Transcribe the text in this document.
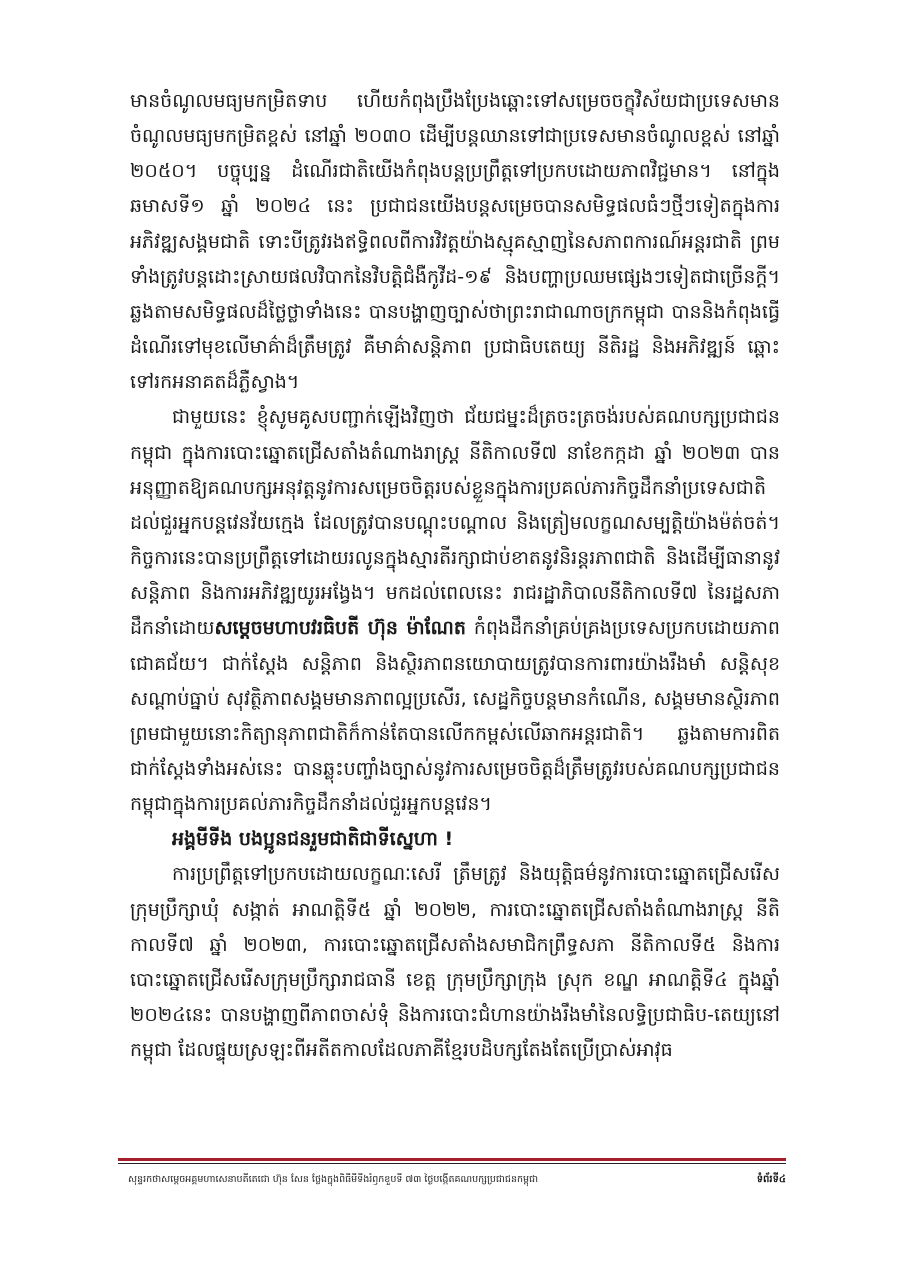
មានចំណូលមធ្យមកម្រិតទាប ហើយកំពុងប្រឹងប្រែងឆ្ពោះទៅសម្រេចចក្ខុវិស័យជាប្រទេសមានចំណូលមធ្យមកម្រិតខ្ពស់ នៅឆ្នាំ ២០៣០ ដើម្បីបន្តឈានទៅជាប្រទេសមានចំណូលខ្ពស់ នៅឆ្នាំ ២០៥០។ បច្ចុប្បន្ន ដំណើរជាតិយើងកំពុងបន្តប្រព្រឹត្តទៅប្រកបដោយភាពវិជ្ជមាន។ នៅក្នុងឆមាសទី១ ឆ្នាំ ២០២៤ នេះ ប្រជាជនយើងបន្តសម្រេចបានសមិទ្ធផលធំៗថ្មីៗទៀតក្នុងការអភិវឌ្ឍសង្គមជាតិ ទោះបីត្រូវរងឥទ្ធិពលពីការវិវត្តយ៉ាងស្មុគស្មាញនៃសភាពការណ៍អន្តរជាតិ ព្រមទាំងត្រូវបន្តដោះស្រាយផលវិបាកនៃវិបត្តិជំងឺកូវីដ-១៩ និងបញ្ហាប្រឈមផ្សេងៗទៀតជាច្រើនក្តី។ ឆ្លងតាមសមិទ្ធផលដ៏ថ្លៃថ្លាទាំងនេះ បានបង្ហាញច្បាស់ថាព្រះរាជាណាចក្រកម្ពុជា បាននិងកំពុងធ្វើដំណើរទៅមុខលើមាគ៌ាដ៏ត្រឹមត្រូវ គឺមាគ៌ាសន្តិភាព ប្រជាធិបតេយ្យ នីតិរដ្ឋ និងអភិវឌ្ឍន៍ ឆ្ពោះទៅរកអនាគតដ៏ភ្លឺស្វាង។

ជាមួយនេះ ខ្ញុំសូមគូសបញ្ជាក់ឡើងវិញថា ជ័យជម្នះដ៏ត្រចះត្រចង់របស់គណបក្សប្រជាជនកម្ពុជា ក្នុងការបោះឆ្នោតជ្រើសតាំងតំណាងរាស្ត្រ នីតិកាលទី៧ នាខែកក្កដា ឆ្នាំ ២០២៣ បានអនុញ្ញាតឱ្យគណបក្សអនុវត្តនូវការសម្រេចចិត្តរបស់ខ្លួនក្នុងការប្រគល់ភារកិច្ចដឹកនាំប្រទេសជាតិដល់ជួរអ្នកបន្តវេនវ័យក្មេង ដែលត្រូវបានបណ្តុះបណ្តាល និងត្រៀមលក្ខណសម្បត្តិយ៉ាងម៉ត់ចត់។ កិច្ចការនេះបានប្រព្រឹត្តទៅដោយរលូនក្នុងស្មារតីរក្សាជាប់ខាតនូវនិរន្តរភាពជាតិ និងដើម្បីធានានូវសន្តិភាព និងការអភិវឌ្ឍយូរអង្វែង។ មកដល់ពេលនេះ រាជរដ្ឋាភិបាលនីតិកាលទី៧ នៃរដ្ឋសភា ដឹកនាំដោយសម្តេចមហាបវរធិបតី ហ៊ុន ម៉ាណែត កំពុងដឹកនាំគ្រប់គ្រងប្រទេសប្រកបដោយភាពជោគជ័យ។ ជាក់ស្តែង សន្តិភាព និងស្ថិរភាពនយោបាយត្រូវបានការពារយ៉ាងរឹងមាំ សន្តិសុខ សណ្តាប់ធ្នាប់ សុវត្ថិភាពសង្គមមានភាពល្អប្រសើរ, សេដ្ឋកិច្ចបន្តមានកំណើន, សង្គមមានស្ថិរភាព ព្រមជាមួយនោះកិត្យានុភាពជាតិក៏កាន់តែបានលើកកម្ពស់លើឆាកអន្តរជាតិ។ ឆ្លងតាមការពិតជាក់ស្តែងទាំងអស់នេះ បានឆ្លុះបញ្ចាំងច្បាស់នូវការសម្រេចចិត្តដ៏ត្រឹមត្រូវរបស់គណបក្សប្រជាជនកម្ពុជាក្នុងការប្រគល់ភារកិច្ចដឹកនាំដល់ជួរអ្នកបន្តវេន។

អង្គមីទីង បងប្អូនជនរួមជាតិជាទីស្នេហា !

ការប្រព្រឹត្តទៅប្រកបដោយលក្ខណៈសេរី ត្រឹមត្រូវ និងយុត្តិធម៌នូវការបោះឆ្នោតជ្រើសរើសក្រុមប្រឹក្សាឃុំ សង្កាត់ អាណត្តិទី៥ ឆ្នាំ ២០២២, ការបោះឆ្នោតជ្រើសតាំងតំណាងរាស្ត្រ នីតិកាលទី៧ ឆ្នាំ ២០២៣, ការបោះឆ្នោតជ្រើសតាំងសមាជិកព្រឹទ្ធសភា នីតិកាលទី៥ និងការបោះឆ្នោតជ្រើសរើសក្រុមប្រឹក្សារាជធានី ខេត្ត ក្រុមប្រឹក្សាក្រុង ស្រុក ខណ្ឌ អាណត្តិទី៤ ក្នុងឆ្នាំ ២០២៤នេះ បានបង្ហាញពីភាពចាស់ទុំ និងការបោះជំហានយ៉ាងរឹងមាំនៃលទ្ធិប្រជាធិប-តេយ្យនៅកម្ពុជា ដែលផ្ទុយស្រឡះពីអតីតកាលដែលភាគីខ្មែរបដិបក្សតែងតែប្រើប្រាស់អាវុធ

សុន្ទរកថាសម្តេចអគ្គមហាសេនាបតីតេជោ ហ៊ុន សែន ថ្លែងក្នុងពិធីមីទីងរំឭកខួបទី ៧៣ ថ្ងៃបង្កើតគណបក្សប្រជាជនកម្ពុជា	ទំព័រទី៤
